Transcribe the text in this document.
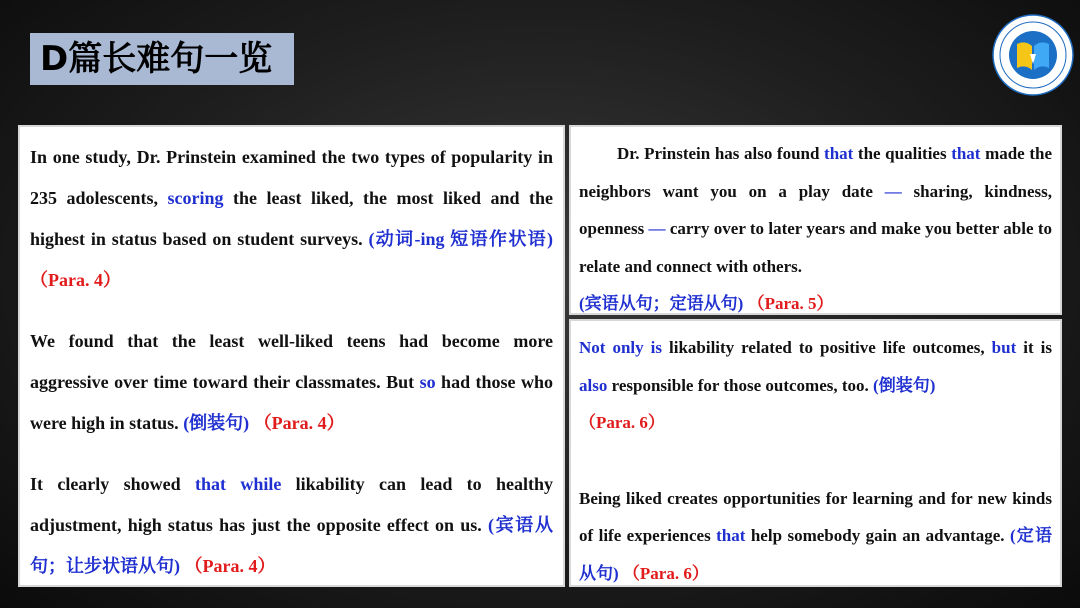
D篇长难句一览

In one study, Dr. Prinstein examined the two types of popularity in 235 adolescents, scoring the least liked, the most liked and the highest in status based on student surveys. (动词-ing 短语作状语) （Para. 4）

We found that the least well-liked teens had become more aggressive over time toward their classmates. But so had those who were high in status. (倒装句) （Para. 4）

It clearly showed that while likability can lead to healthy adjustment, high status has just the opposite effect on us. (宾语从句；让步状语从句) （Para. 4）

Dr. Prinstein has also found that the qualities that made the neighbors want you on a play date — sharing, kindness, openness — carry over to later years and make you better able to relate and connect with others.
(宾语从句；定语从句) （Para. 5）

Not only is likability related to positive life outcomes, but it is also responsible for those outcomes, too. (倒装句)
（Para. 6）

Being liked creates opportunities for learning and for new kinds of life experiences that help somebody gain an advantage. (定语从句) （Para. 6）
